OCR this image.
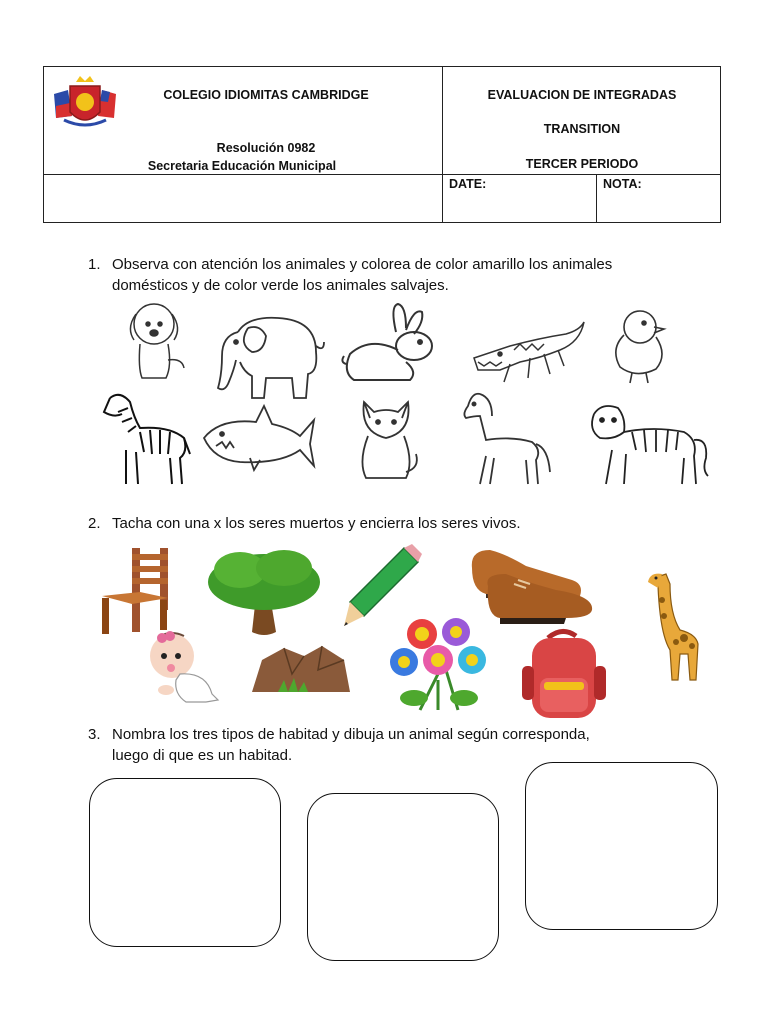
COLEGIO IDIOMITAS CAMBRIDGE
Resolución 0982
Secretaria Educación Municipal
EVALUACION DE INTEGRADAS
TRANSITION
TERCER PERIODO
DATE:	NOTA:
1. Observa con atención los animales y colorea de color amarillo los animales
domésticos y de color verde los animales salvajes.
2. Tacha con una x los seres muertos y encierra los seres vivos.
3. Nombra los tres tipos de habitad y dibuja un animal según corresponda,
luego di que es un habitad.
